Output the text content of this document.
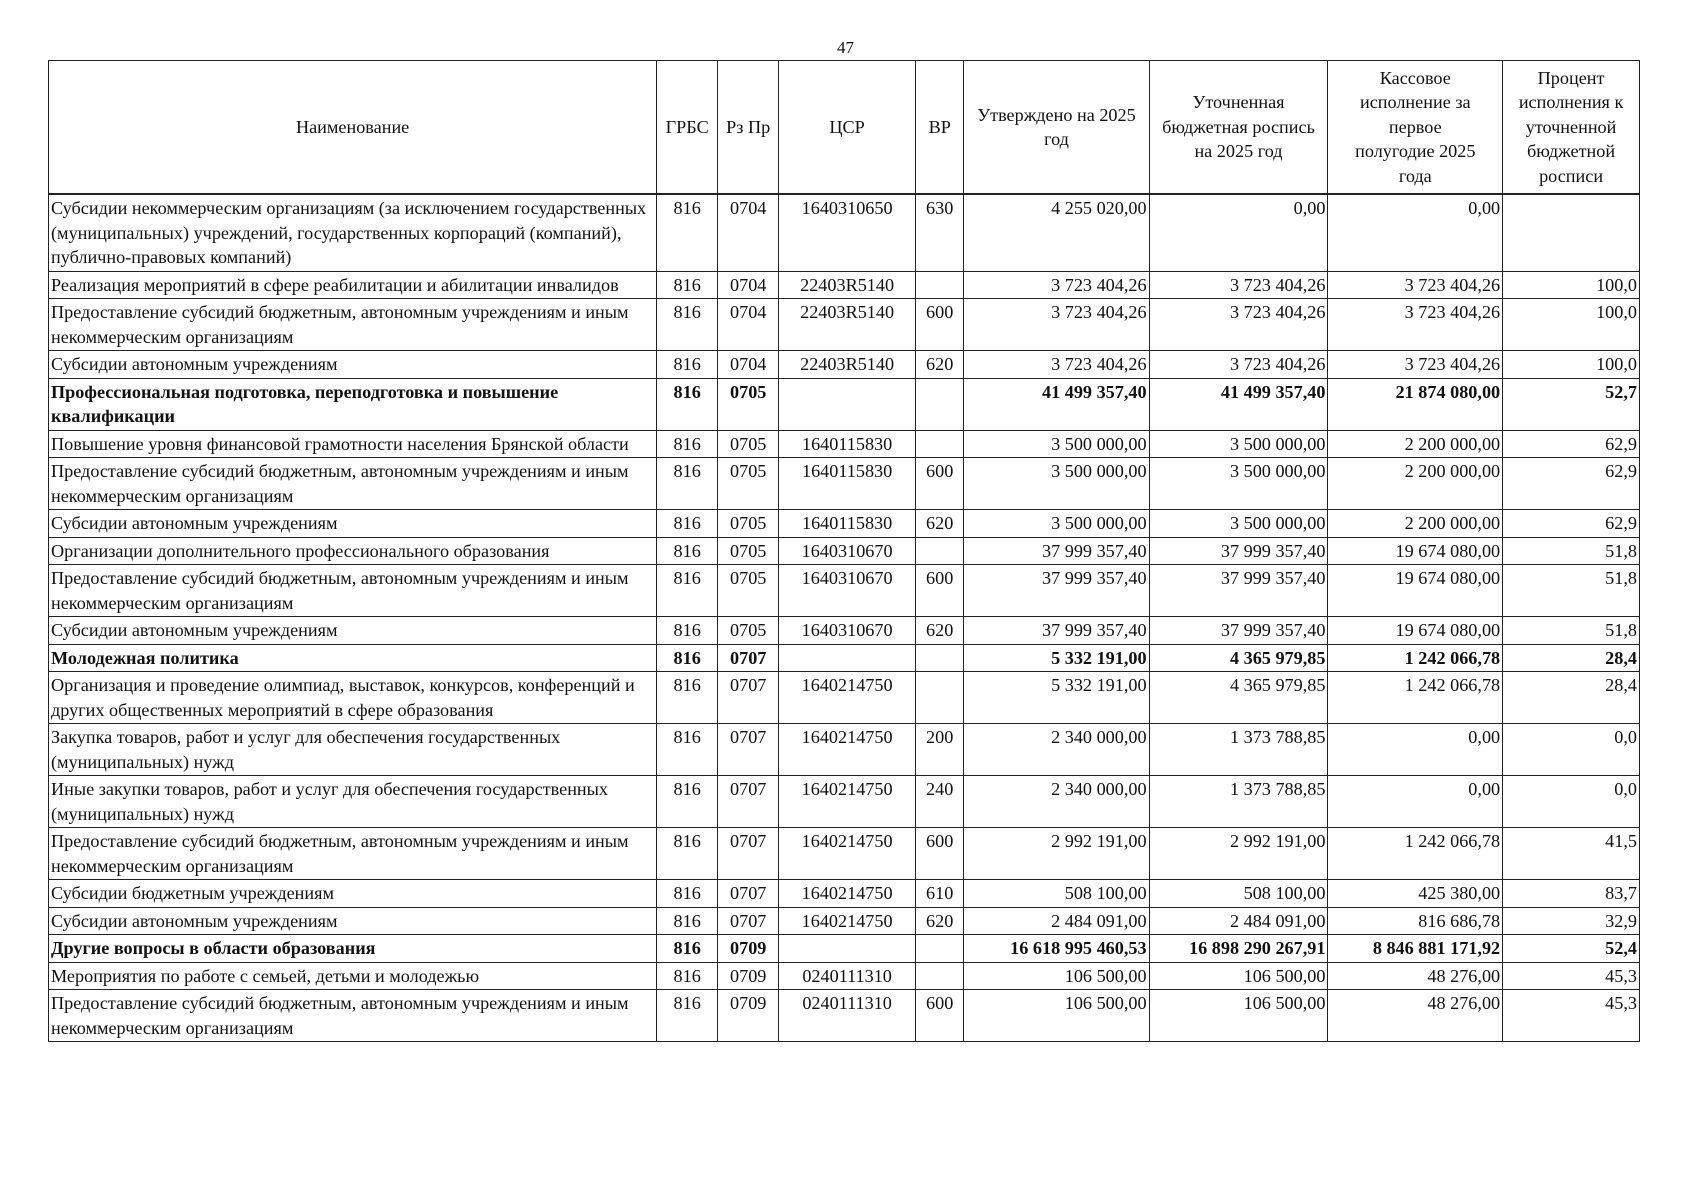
47
Наименование	ГРБС	Рз Пр	ЦСР	ВР	Утверждено на 2025 год	Уточненная бюджетная роспись на 2025 год	Кассовое исполнение за первое полугодие 2025 года	Процент исполнения к уточненной бюджетной росписи
Субсидии некоммерческим организациям (за исключением государственных (муниципальных) учреждений, государственных корпораций (компаний), публично-правовых компаний)	816	0704	1640310650	630	4 255 020,00	0,00	0,00	
Реализация мероприятий в сфере реабилитации и абилитации инвалидов	816	0704	22403R5140		3 723 404,26	3 723 404,26	3 723 404,26	100,0
Предоставление субсидий бюджетным, автономным учреждениям и иным некоммерческим организациям	816	0704	22403R5140	600	3 723 404,26	3 723 404,26	3 723 404,26	100,0
Субсидии автономным учреждениям	816	0704	22403R5140	620	3 723 404,26	3 723 404,26	3 723 404,26	100,0
Профессиональная подготовка, переподготовка и повышение квалификации	816	0705			41 499 357,40	41 499 357,40	21 874 080,00	52,7
Повышение уровня финансовой грамотности населения Брянской области	816	0705	1640115830		3 500 000,00	3 500 000,00	2 200 000,00	62,9
Предоставление субсидий бюджетным, автономным учреждениям и иным некоммерческим организациям	816	0705	1640115830	600	3 500 000,00	3 500 000,00	2 200 000,00	62,9
Субсидии автономным учреждениям	816	0705	1640115830	620	3 500 000,00	3 500 000,00	2 200 000,00	62,9
Организации дополнительного профессионального образования	816	0705	1640310670		37 999 357,40	37 999 357,40	19 674 080,00	51,8
Предоставление субсидий бюджетным, автономным учреждениям и иным некоммерческим организациям	816	0705	1640310670	600	37 999 357,40	37 999 357,40	19 674 080,00	51,8
Субсидии автономным учреждениям	816	0705	1640310670	620	37 999 357,40	37 999 357,40	19 674 080,00	51,8
Молодежная политика	816	0707			5 332 191,00	4 365 979,85	1 242 066,78	28,4
Организация и проведение олимпиад, выставок, конкурсов, конференций и других общественных мероприятий в сфере образования	816	0707	1640214750		5 332 191,00	4 365 979,85	1 242 066,78	28,4
Закупка товаров, работ и услуг для обеспечения государственных (муниципальных) нужд	816	0707	1640214750	200	2 340 000,00	1 373 788,85	0,00	0,0
Иные закупки товаров, работ и услуг для обеспечения государственных (муниципальных) нужд	816	0707	1640214750	240	2 340 000,00	1 373 788,85	0,00	0,0
Предоставление субсидий бюджетным, автономным учреждениям и иным некоммерческим организациям	816	0707	1640214750	600	2 992 191,00	2 992 191,00	1 242 066,78	41,5
Субсидии бюджетным учреждениям	816	0707	1640214750	610	508 100,00	508 100,00	425 380,00	83,7
Субсидии автономным учреждениям	816	0707	1640214750	620	2 484 091,00	2 484 091,00	816 686,78	32,9
Другие вопросы в области образования	816	0709			16 618 995 460,53	16 898 290 267,91	8 846 881 171,92	52,4
Мероприятия по работе с семьей, детьми и молодежью	816	0709	0240111310		106 500,00	106 500,00	48 276,00	45,3
Предоставление субсидий бюджетным, автономным учреждениям и иным некоммерческим организациям	816	0709	0240111310	600	106 500,00	106 500,00	48 276,00	45,3
